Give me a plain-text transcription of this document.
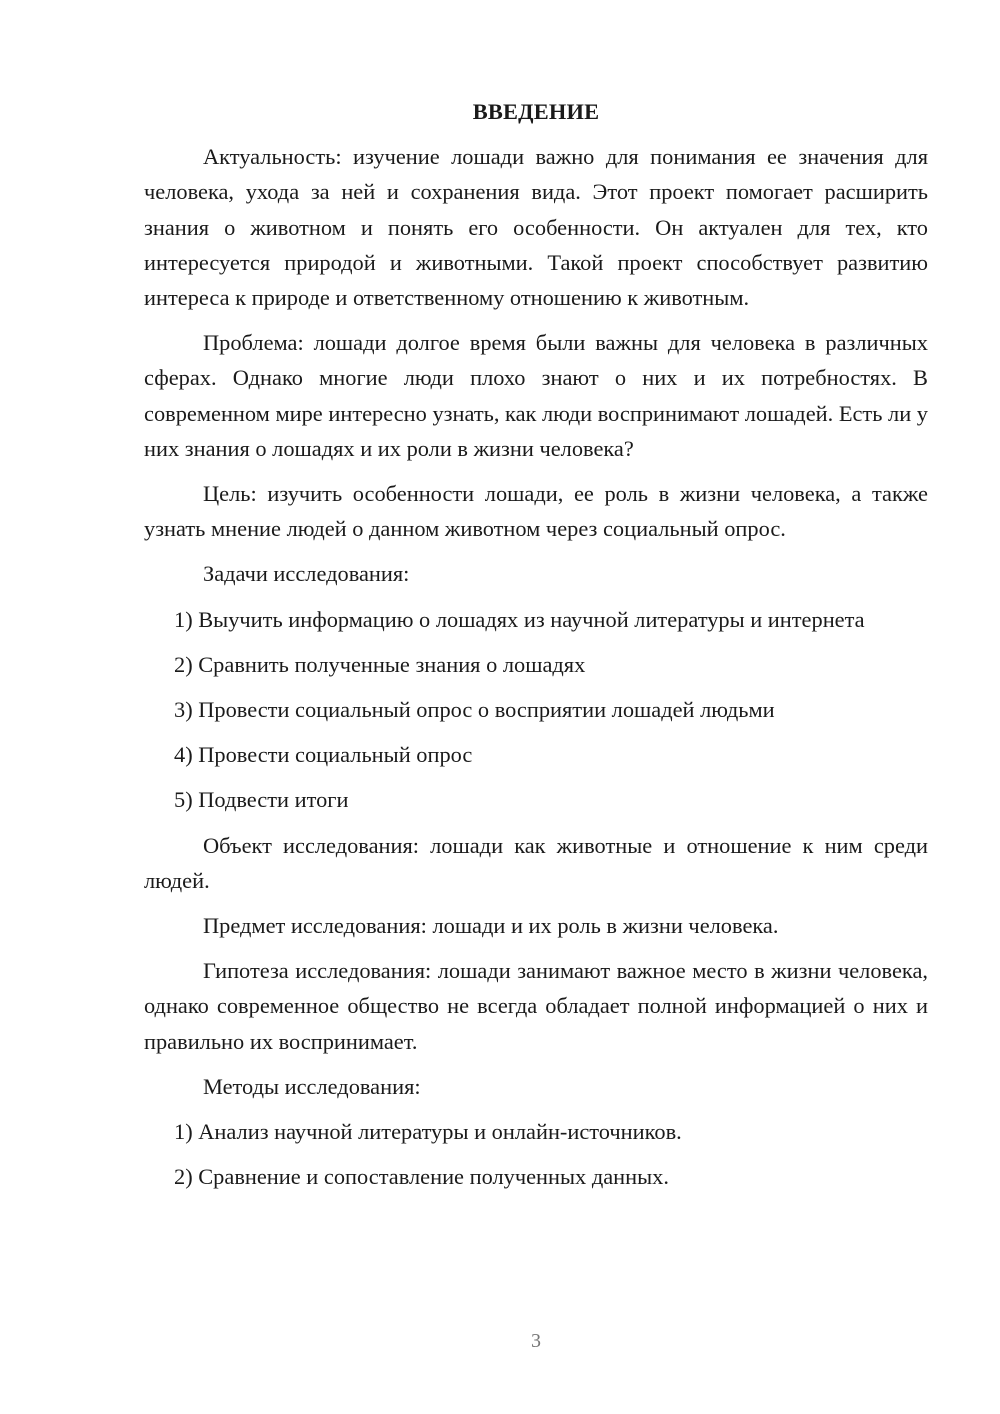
ВВЕДЕНИЕ

Актуальность: изучение лошади важно для понимания ее значения для человека, ухода за ней и сохранения вида. Этот проект помогает расширить знания о животном и понять его особенности. Он актуален для тех, кто интересуется природой и животными. Такой проект способствует развитию интереса к природе и ответственному отношению к животным.

Проблема: лошади долгое время были важны для человека в различных сферах. Однако многие люди плохо знают о них и их потребностях. В современном мире интересно узнать, как люди воспринимают лошадей. Есть ли у них знания о лошадях и их роли в жизни человека?

Цель: изучить особенности лошади, ее роль в жизни человека, а также узнать мнение людей о данном животном через социальный опрос.

Задачи исследования:

1) Выучить информацию о лошадях из научной литературы и интернета

2) Сравнить полученные знания о лошадях

3) Провести социальный опрос о восприятии лошадей людьми

4) Провести социальный опрос

5) Подвести итоги

Объект исследования: лошади как животные и отношение к ним среди людей.

Предмет исследования: лошади и их роль в жизни человека.

Гипотеза исследования: лошади занимают важное место в жизни человека, однако современное общество не всегда обладает полной информацией о них и правильно их воспринимает.

Методы исследования:

1) Анализ научной литературы и онлайн-источников.

2) Сравнение и сопоставление полученных данных.

3
